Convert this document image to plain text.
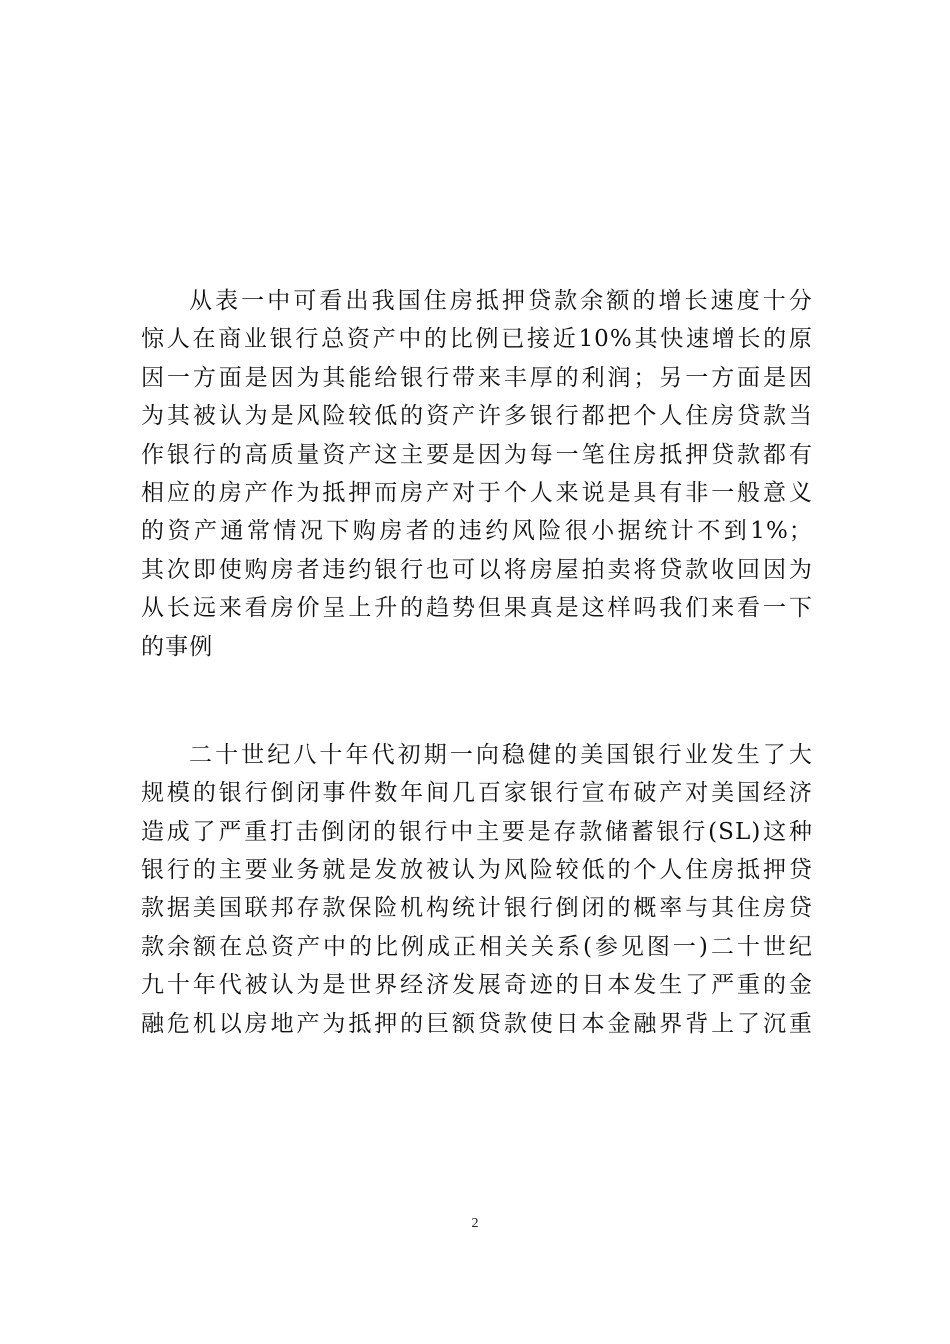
从表一中可看出我国住房抵押贷款余额的增长速度十分
惊人在商业银行总资产中的比例已接近10%其快速增长的原
因一方面是因为其能给银行带来丰厚的利润；另一方面是因
为其被认为是风险较低的资产许多银行都把个人住房贷款当
作银行的高质量资产这主要是因为每一笔住房抵押贷款都有
相应的房产作为抵押而房产对于个人来说是具有非一般意义
的资产通常情况下购房者的违约风险很小据统计不到1%；
其次即使购房者违约银行也可以将房屋拍卖将贷款收回因为
从长远来看房价呈上升的趋势但果真是这样吗我们来看一下
的事例
二十世纪八十年代初期一向稳健的美国银行业发生了大
规模的银行倒闭事件数年间几百家银行宣布破产对美国经济
造成了严重打击倒闭的银行中主要是存款储蓄银行(SL)这种
银行的主要业务就是发放被认为风险较低的个人住房抵押贷
款据美国联邦存款保险机构统计银行倒闭的概率与其住房贷
款余额在总资产中的比例成正相关关系(参见图一)二十世纪
九十年代被认为是世界经济发展奇迹的日本发生了严重的金
融危机以房地产为抵押的巨额贷款使日本金融界背上了沉重
2
